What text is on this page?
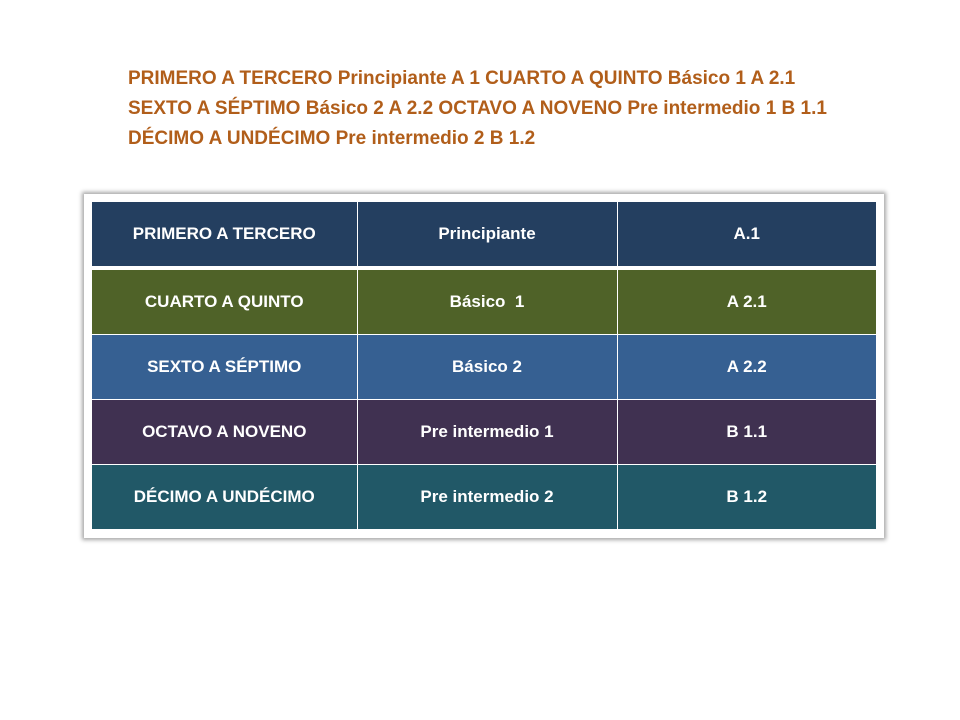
PRIMERO A TERCERO Principiante A 1 CUARTO A QUINTO Básico 1 A 2.1 SEXTO A SÉPTIMO Básico 2 A 2.2 OCTAVO A NOVENO Pre intermedio 1 B 1.1 DÉCIMO A UNDÉCIMO Pre intermedio 2 B 1.2
PRIMERO A TERCERO	Principiante	A.1
CUARTO A QUINTO	Básico  1	A 2.1
SEXTO A SÉPTIMO	Básico 2	A 2.2
OCTAVO A NOVENO	Pre intermedio 1	B 1.1
DÉCIMO A UNDÉCIMO	Pre intermedio 2	B 1.2
